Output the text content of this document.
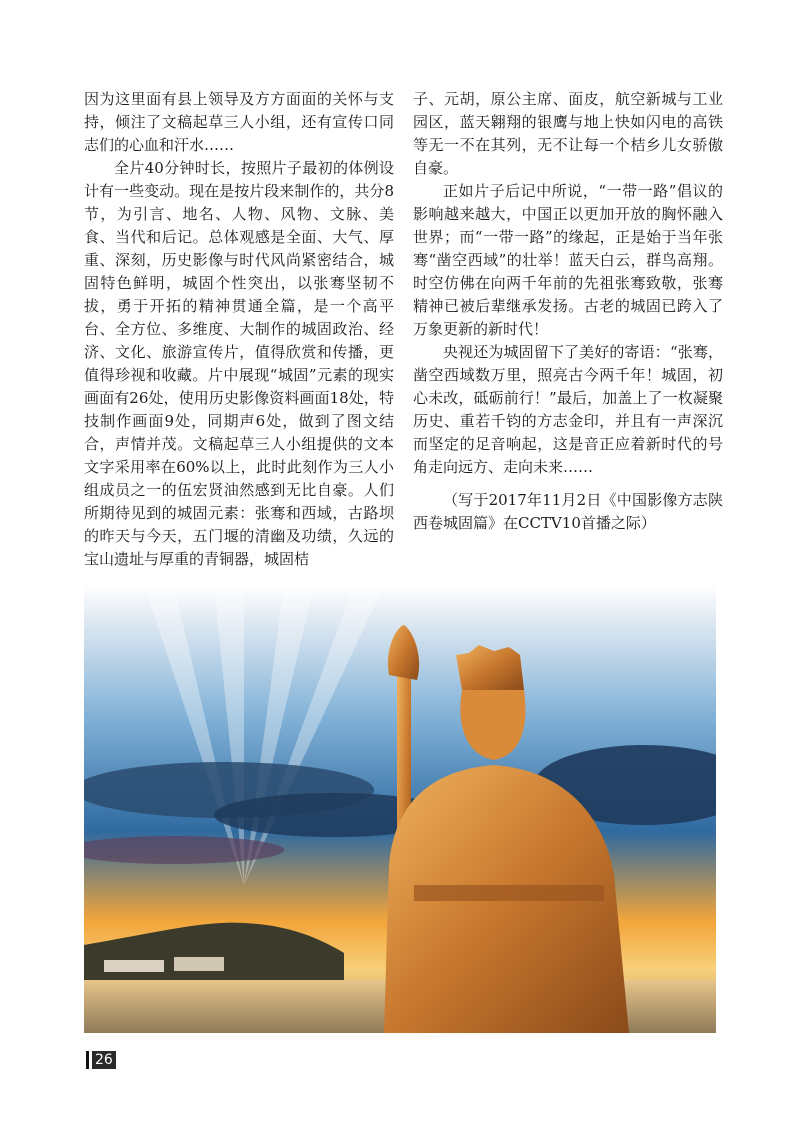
因为这里面有县上领导及方方面面的关怀与支持，倾注了文稿起草三人小组，还有宣传口同志们的心血和汗水……

全片40分钟时长，按照片子最初的体例设计有一些变动。现在是按片段来制作的，共分8节，为引言、地名、人物、风物、文脉、美食、当代和后记。总体观感是全面、大气、厚重、深刻，历史影像与时代风尚紧密结合，城固特色鲜明，城固个性突出，以张骞坚韧不拔，勇于开拓的精神贯通全篇，是一个高平台、全方位、多维度、大制作的城固政治、经济、文化、旅游宣传片，值得欣赏和传播，更值得珍视和收藏。片中展现“城固”元素的现实画面有26处，使用历史影像资料画面18处，特技制作画面9处，同期声6处，做到了图文结合，声情并茂。文稿起草三人小组提供的文本文字采用率在60%以上，此时此刻作为三人小组成员之一的伍宏贤油然感到无比自豪。人们所期待见到的城固元素：张骞和西域，古路坝的昨天与今天，五门堰的清幽及功绩，久远的宝山遗址与厚重的青铜器，城固桔

子、元胡，原公主席、面皮，航空新城与工业园区，蓝天翱翔的银鹰与地上快如闪电的高铁等无一不在其列，无不让每一个桔乡儿女骄傲自豪。

正如片子后记中所说，“一带一路”倡议的影响越来越大，中国正以更加开放的胸怀融入世界；而“一带一路”的缘起，正是始于当年张骞“凿空西域”的壮举！蓝天白云，群鸟高翔。时空仿佛在向两千年前的先祖张骞致敬，张骞精神已被后辈继承发扬。古老的城固已跨入了万象更新的新时代！

央视还为城固留下了美好的寄语：“张骞，凿空西域数万里，照亮古今两千年！城固，初心未改，砥砺前行！”最后，加盖上了一枚凝聚历史、重若千钧的方志金印，并且有一声深沉而坚定的足音响起，这是音正应着新时代的号角走向远方、走向未来……

（写于2017年11月2日《中国影像方志陕西卷城固篇》在CCTV10首播之际）

26
